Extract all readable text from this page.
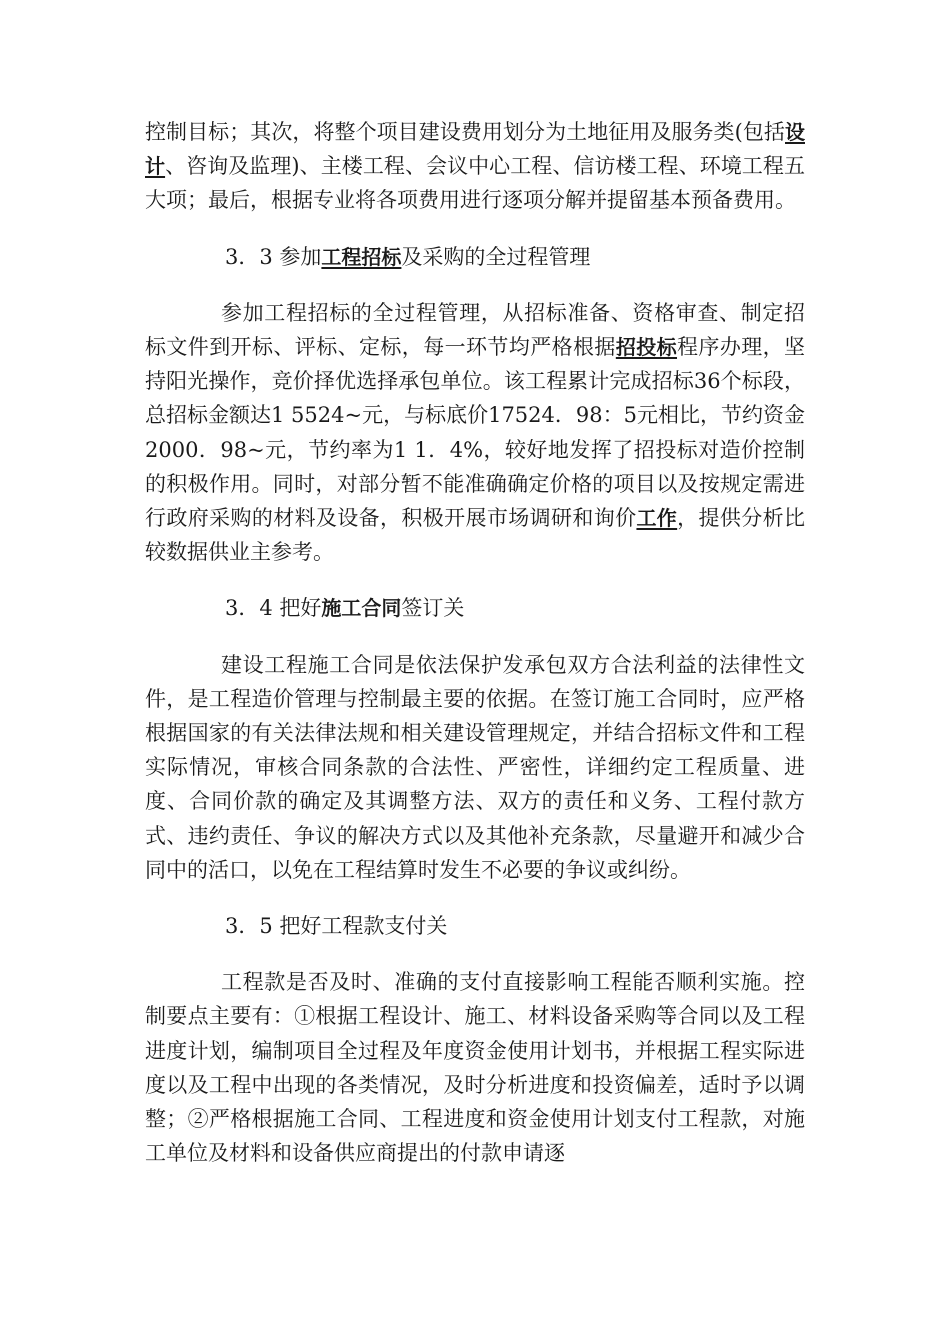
控制目标；其次，将整个项目建设费用划分为土地征用及服务类(包括设计、咨询及监理)、主楼工程、会议中心工程、信访楼工程、环境工程五大项；最后，根据专业将各项费用进行逐项分解并提留基本预备费用。

3．3 参加工程招标及采购的全过程管理

参加工程招标的全过程管理，从招标准备、资格审查、制定招标文件到开标、评标、定标，每一环节均严格根据招投标程序办理，坚持阳光操作，竞价择优选择承包单位。该工程累计完成招标36个标段，总招标金额达1 5524~元，与标底价17524．98：5元相比，节约资金2000．98~元，节约率为1 1．4%，较好地发挥了招投标对造价控制的积极作用。同时，对部分暂不能准确确定价格的项目以及按规定需进行政府采购的材料及设备，积极开展市场调研和询价工作，提供分析比较数据供业主参考。

3．4 把好施工合同签订关

建设工程施工合同是依法保护发承包双方合法利益的法律性文件，是工程造价管理与控制最主要的依据。在签订施工合同时，应严格根据国家的有关法律法规和相关建设管理规定，并结合招标文件和工程实际情况，审核合同条款的合法性、严密性，详细约定工程质量、进度、合同价款的确定及其调整方法、双方的责任和义务、工程付款方式、违约责任、争议的解决方式以及其他补充条款，尽量避开和减少合同中的活口，以免在工程结算时发生不必要的争议或纠纷。

3．5 把好工程款支付关

工程款是否及时、准确的支付直接影响工程能否顺利实施。控制要点主要有：①根据工程设计、施工、材料设备采购等合同以及工程进度计划，编制项目全过程及年度资金使用计划书，并根据工程实际进度以及工程中出现的各类情况，及时分析进度和投资偏差，适时予以调整；②严格根据施工合同、工程进度和资金使用计划支付工程款，对施工单位及材料和设备供应商提出的付款申请逐
